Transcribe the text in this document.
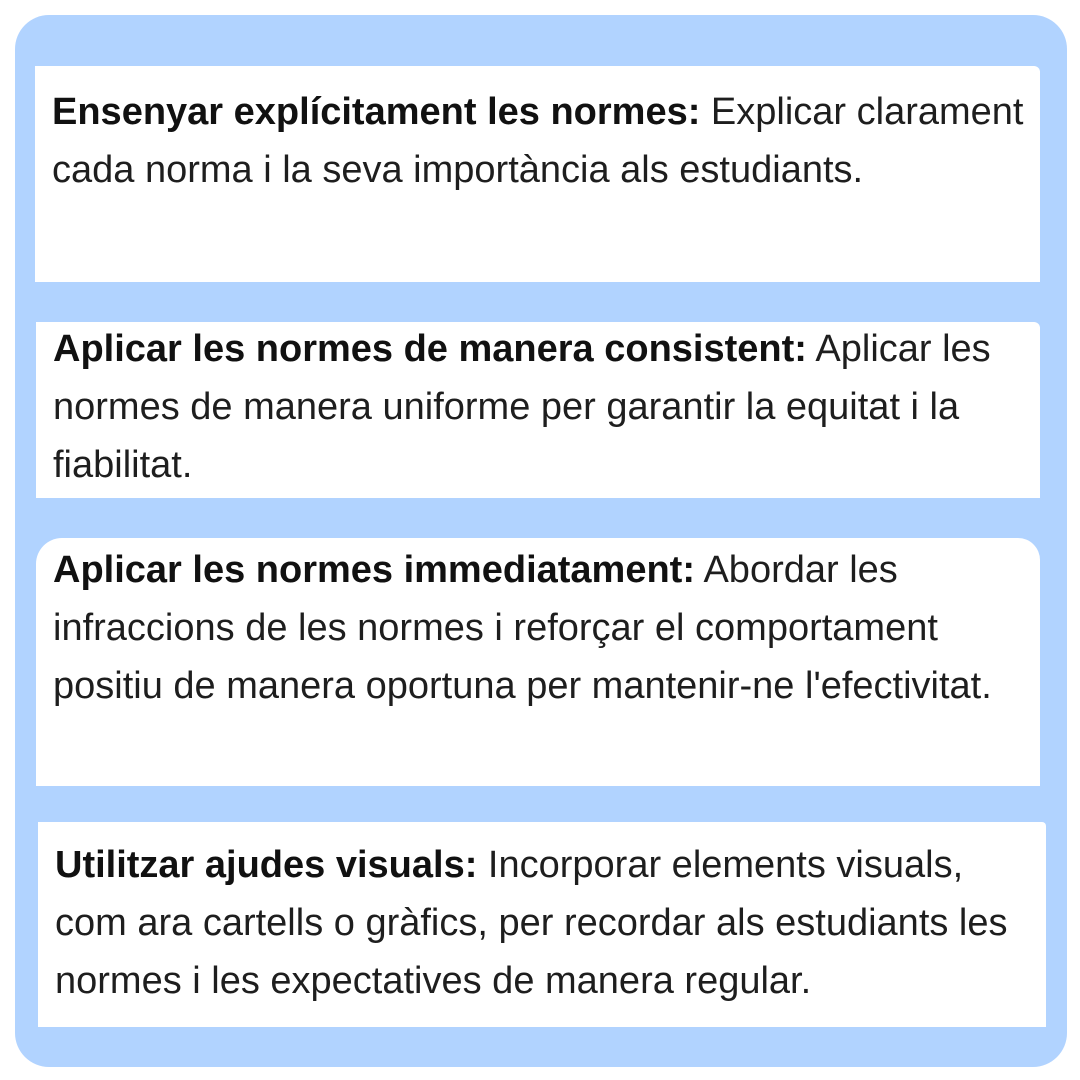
Ensenyar explícitament les normes: Explicar clarament cada norma i la seva importància als estudiants.
Aplicar les normes de manera consistent: Aplicar les normes de manera uniforme per garantir la equitat i la fiabilitat.
Aplicar les normes immediatament: Abordar les infraccions de les normes i reforçar el comportament positiu de manera oportuna per mantenir-ne l'efectivitat.
Utilitzar ajudes visuals: Incorporar elements visuals, com ara cartells o gràfics, per recordar als estudiants les normes i les expectatives de manera regular.
